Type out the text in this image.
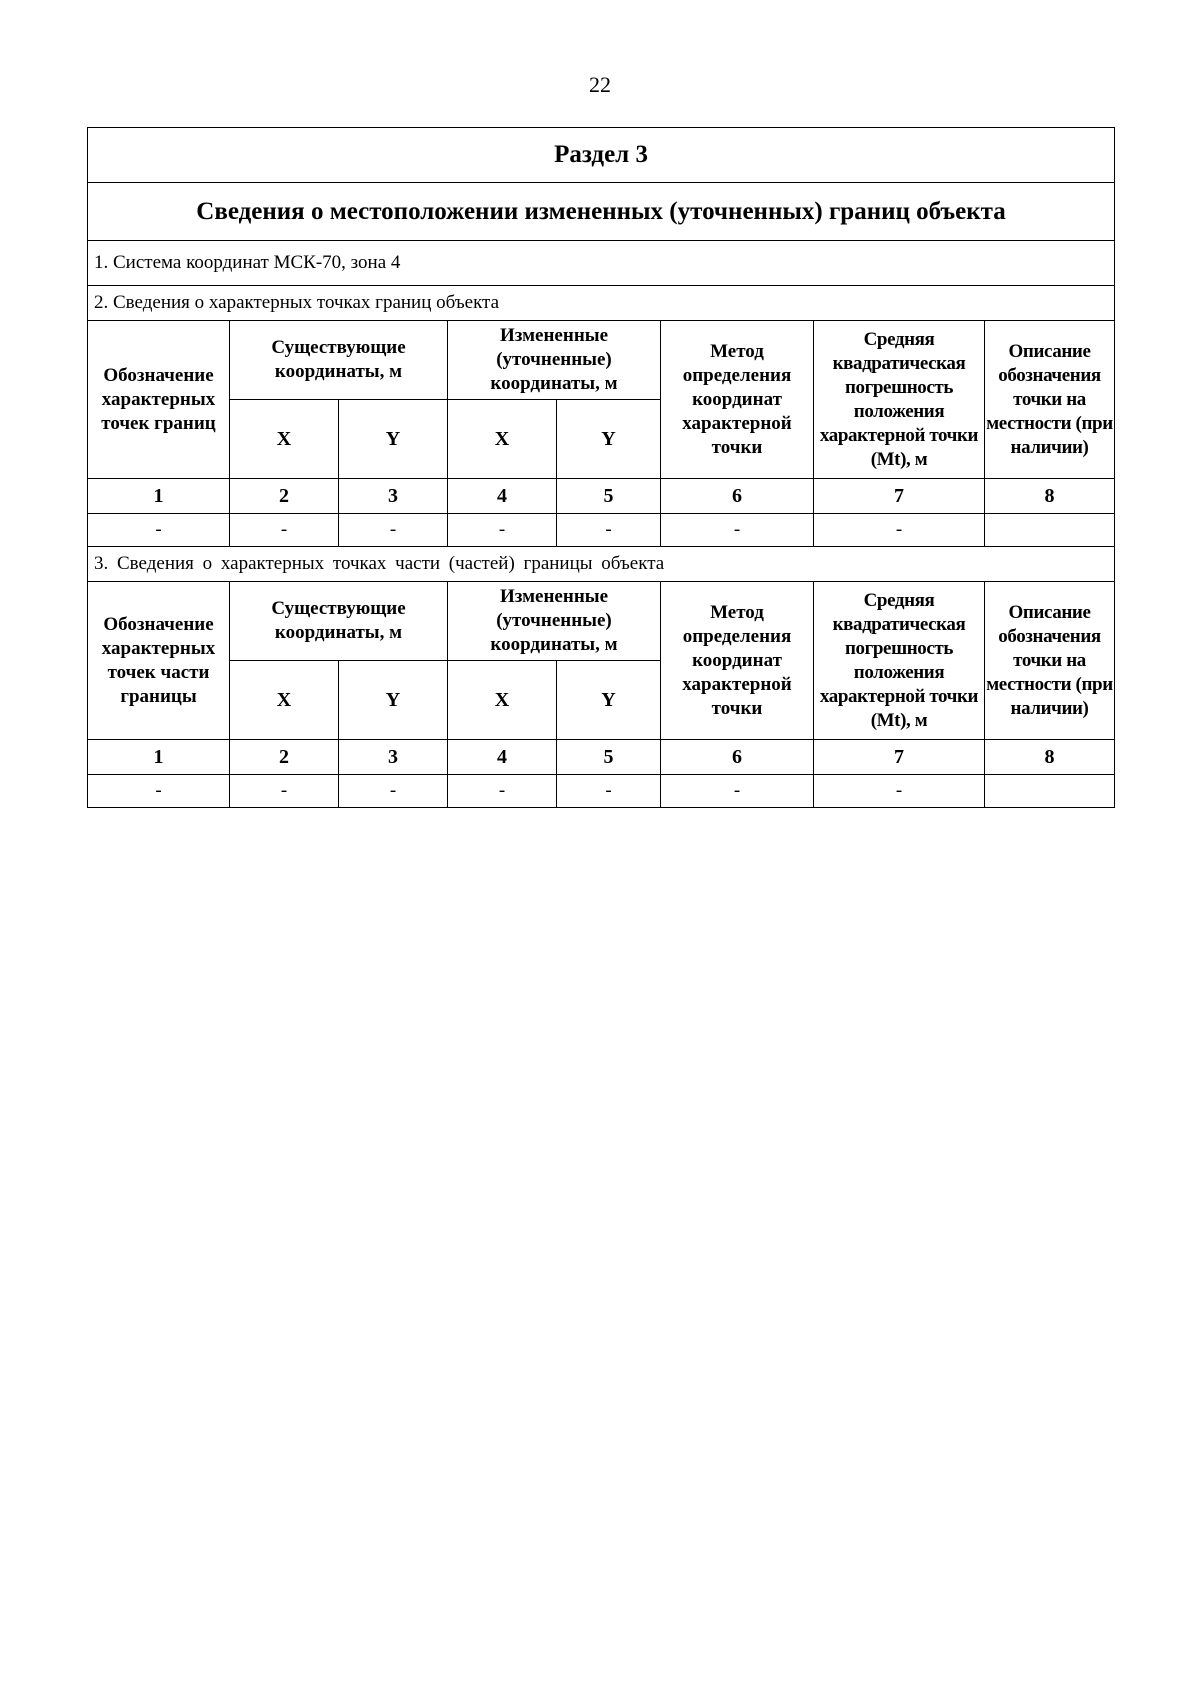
22
Раздел 3							
Сведения о местоположении измененных (уточненных) границ объекта							
1. Система координат МСК-70, зона 4							
2. Сведения о характерных точках границ объекта							
Обозначение характерных точек границ	Существующие координаты, м		Измененные (уточненные) координаты, м		Метод определения координат характерной точки	Средняя квадратическая погрешность положения характерной точки (Mt), м	Описание обозначения точки на местности (при наличии)
	X	Y	X	Y			
1	2	3	4	5	6	7	8
-	-	-	-	-	-	-	
3. Сведения о характерных точках части (частей) границы объекта							
Обозначение характерных точек части границы	Существующие координаты, м		Измененные (уточненные) координаты, м		Метод определения координат характерной точки	Средняя квадратическая погрешность положения характерной точки (Mt), м	Описание обозначения точки на местности (при наличии)
	X	Y	X	Y			
1	2	3	4	5	6	7	8
-	-	-	-	-	-	-	
